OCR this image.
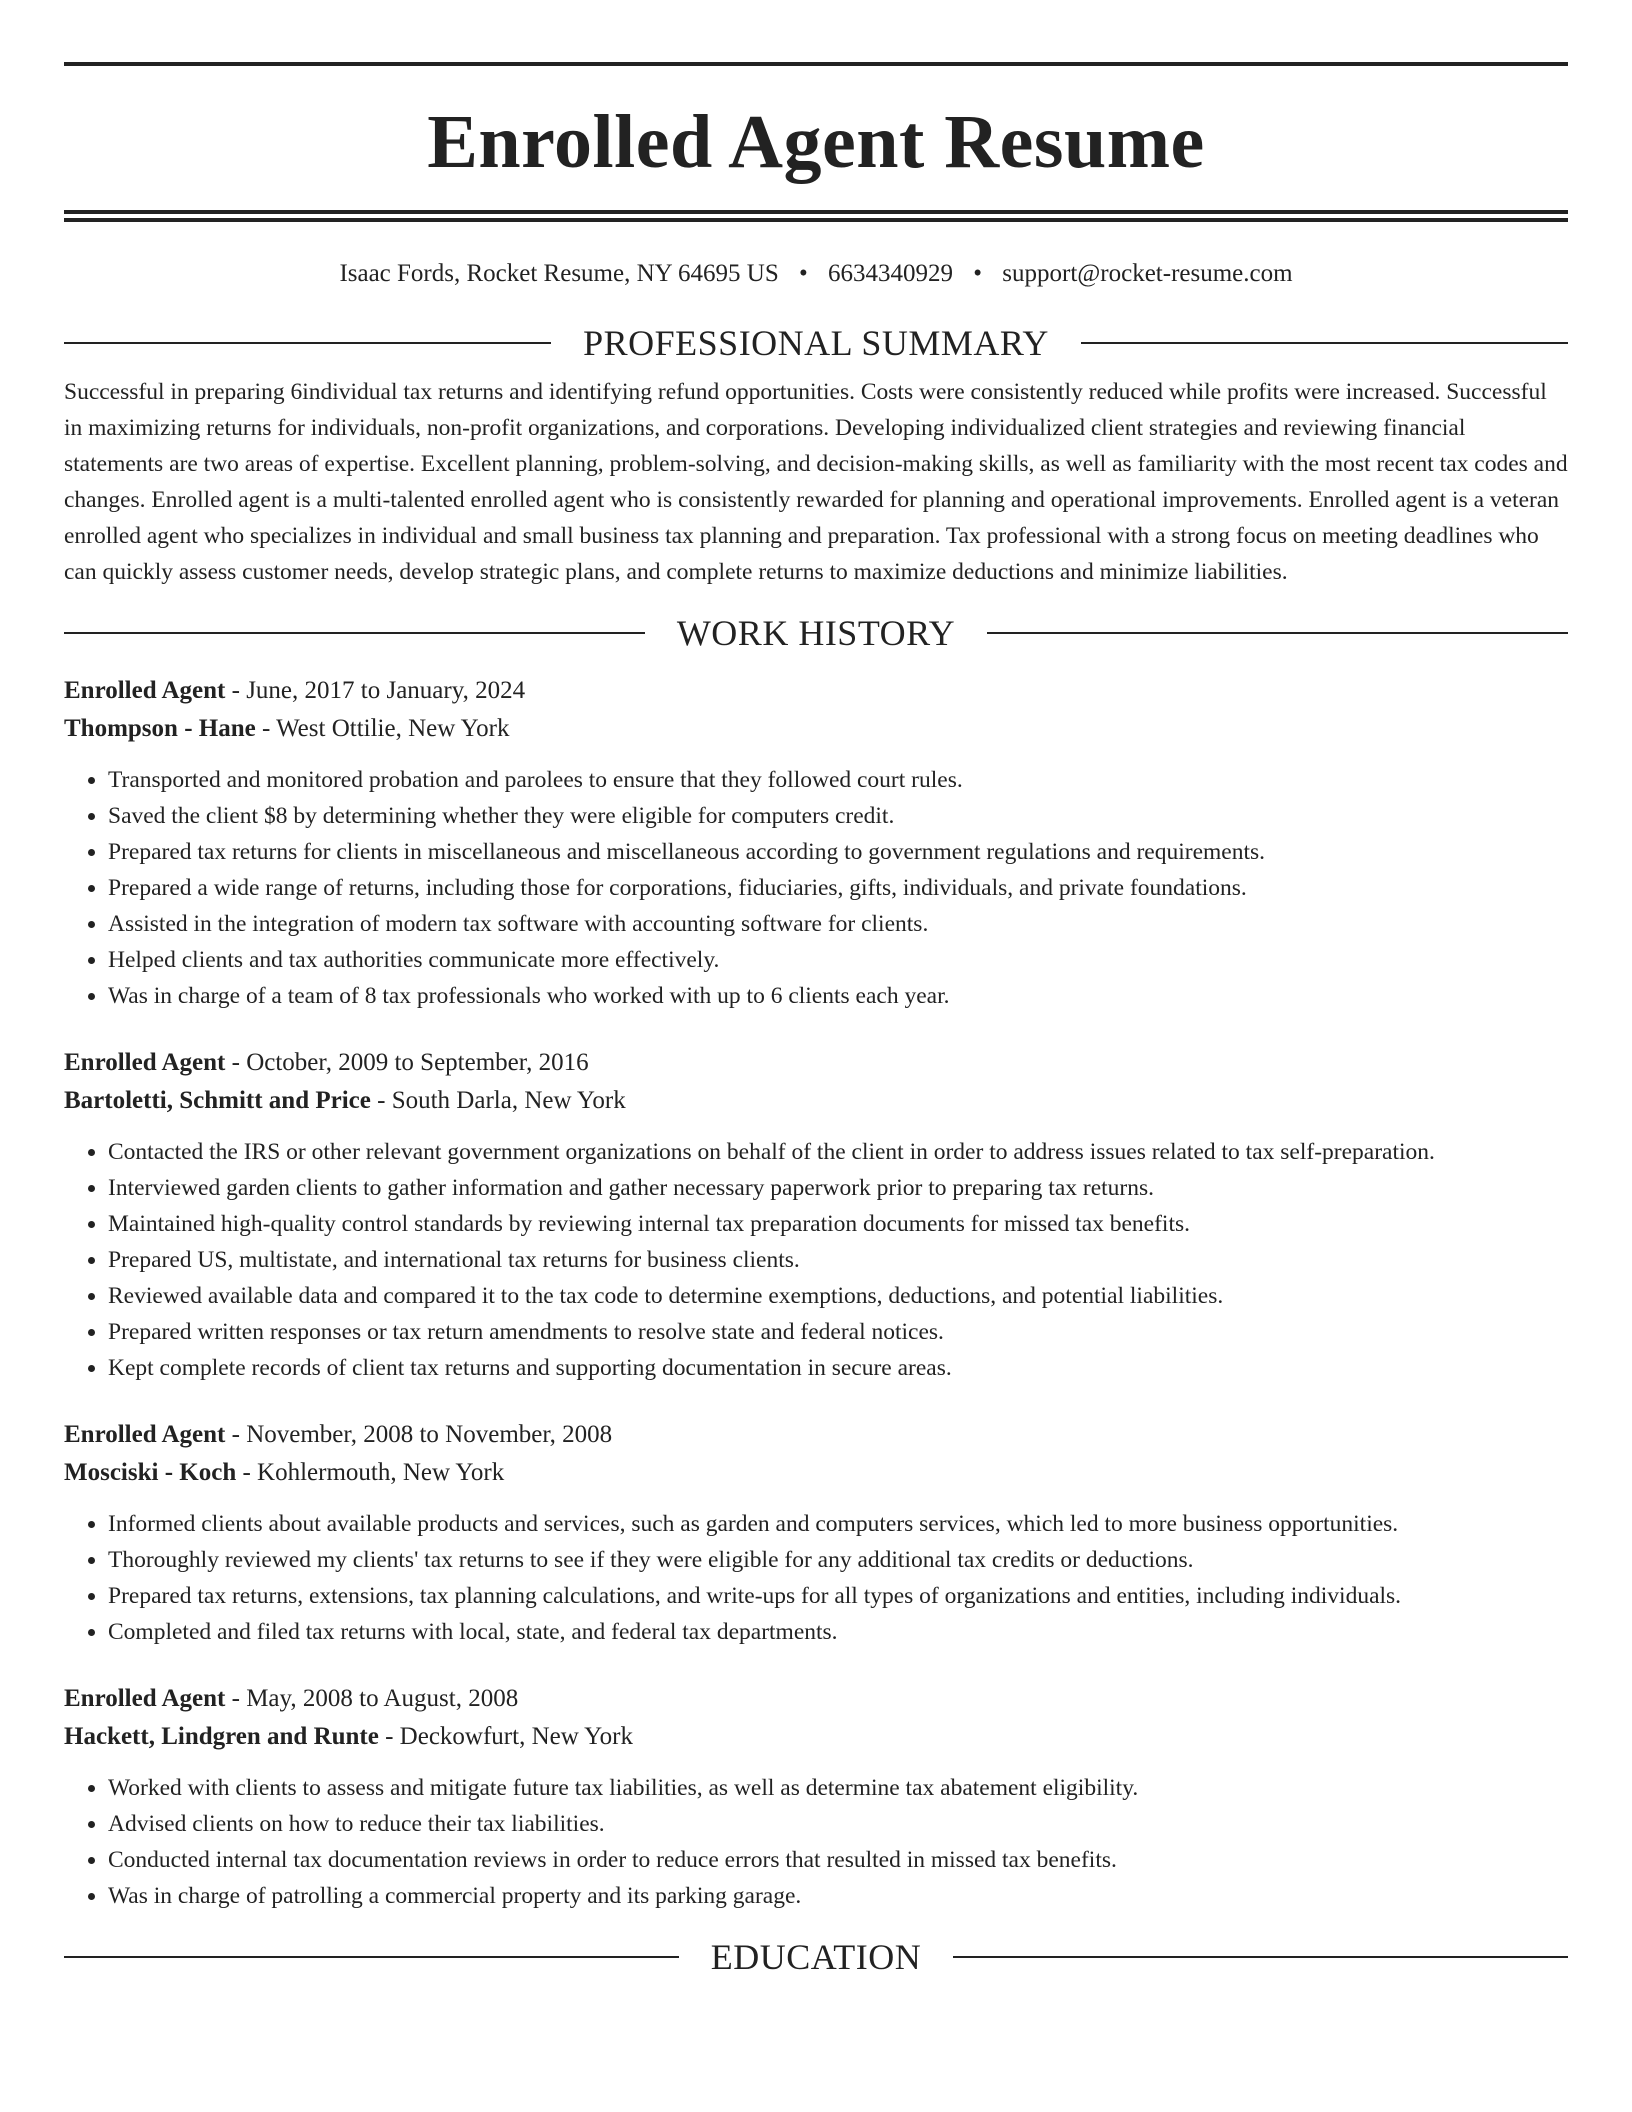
Enrolled Agent Resume
Isaac Fords, Rocket Resume, NY 64695 US • 6634340929 • support@rocket-resume.com
PROFESSIONAL SUMMARY

Successful in preparing 6individual tax returns and identifying refund opportunities. Costs were consistently reduced while profits were increased. Successful in maximizing returns for individuals, non-profit organizations, and corporations. Developing individualized client strategies and reviewing financial statements are two areas of expertise. Excellent planning, problem-solving, and decision-making skills, as well as familiarity with the most recent tax codes and changes. Enrolled agent is a multi-talented enrolled agent who is consistently rewarded for planning and operational improvements. Enrolled agent is a veteran enrolled agent who specializes in individual and small business tax planning and preparation. Tax professional with a strong focus on meeting deadlines who can quickly assess customer needs, develop strategic plans, and complete returns to maximize deductions and minimize liabilities.

WORK HISTORY
Enrolled Agent - June, 2017 to January, 2024
Thompson - Hane - West Ottilie, New York
• Transported and monitored probation and parolees to ensure that they followed court rules.
• Saved the client $8 by determining whether they were eligible for computers credit.
• Prepared tax returns for clients in miscellaneous and miscellaneous according to government regulations and requirements.
• Prepared a wide range of returns, including those for corporations, fiduciaries, gifts, individuals, and private foundations.
• Assisted in the integration of modern tax software with accounting software for clients.
• Helped clients and tax authorities communicate more effectively.
• Was in charge of a team of 8 tax professionals who worked with up to 6 clients each year.
Enrolled Agent - October, 2009 to September, 2016
Bartoletti, Schmitt and Price - South Darla, New York
• Contacted the IRS or other relevant government organizations on behalf of the client in order to address issues related to tax self-preparation.
• Interviewed garden clients to gather information and gather necessary paperwork prior to preparing tax returns.
• Maintained high-quality control standards by reviewing internal tax preparation documents for missed tax benefits.
• Prepared US, multistate, and international tax returns for business clients.
• Reviewed available data and compared it to the tax code to determine exemptions, deductions, and potential liabilities.
• Prepared written responses or tax return amendments to resolve state and federal notices.
• Kept complete records of client tax returns and supporting documentation in secure areas.
Enrolled Agent - November, 2008 to November, 2008
Mosciski - Koch - Kohlermouth, New York
• Informed clients about available products and services, such as garden and computers services, which led to more business opportunities.
• Thoroughly reviewed my clients' tax returns to see if they were eligible for any additional tax credits or deductions.
• Prepared tax returns, extensions, tax planning calculations, and write-ups for all types of organizations and entities, including individuals.
• Completed and filed tax returns with local, state, and federal tax departments.
Enrolled Agent - May, 2008 to August, 2008
Hackett, Lindgren and Runte - Deckowfurt, New York
• Worked with clients to assess and mitigate future tax liabilities, as well as determine tax abatement eligibility.
• Advised clients on how to reduce their tax liabilities.
• Conducted internal tax documentation reviews in order to reduce errors that resulted in missed tax benefits.
• Was in charge of patrolling a commercial property and its parking garage.
EDUCATION
